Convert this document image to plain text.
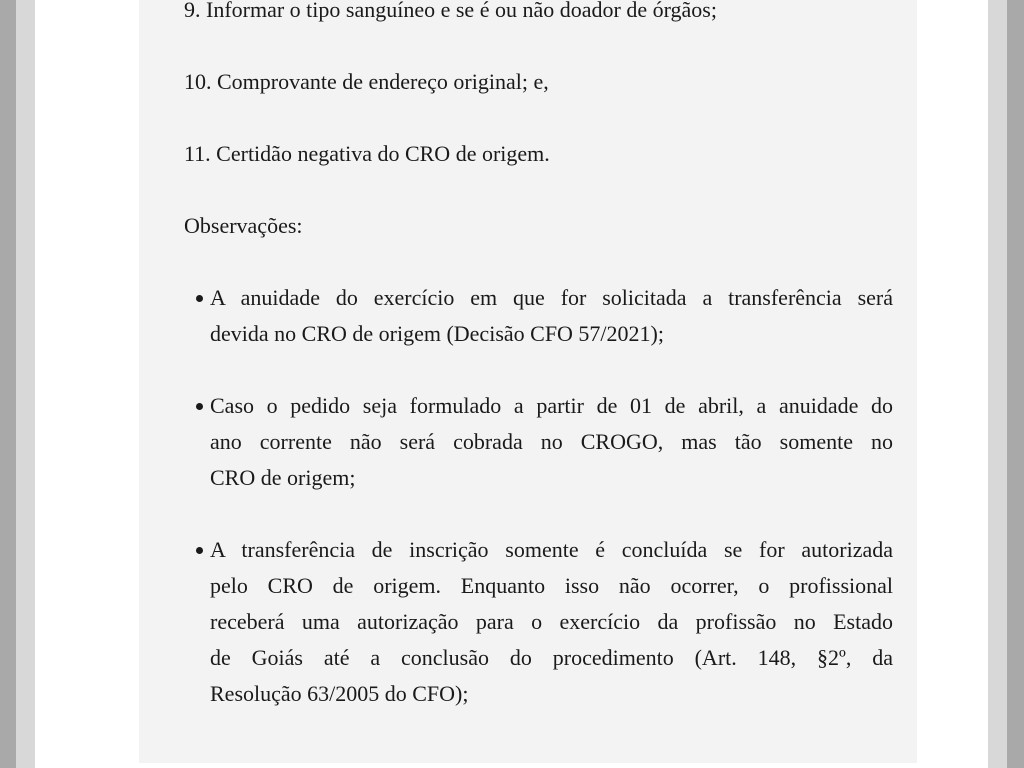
9. Informar o tipo sanguíneo e se é ou não doador de órgãos;
10. Comprovante de endereço original; e,
11. Certidão negativa do CRO de origem.
Observações:
A anuidade do exercício em que for solicitada a transferência será
devida no CRO de origem (Decisão CFO 57/2021);
Caso o pedido seja formulado a partir de 01 de abril, a anuidade do
ano corrente não será cobrada no CROGO, mas tão somente no
CRO de origem;
A transferência de inscrição somente é concluída se for autorizada
pelo CRO de origem. Enquanto isso não ocorrer, o profissional
receberá uma autorização para o exercício da profissão no Estado
de Goiás até a conclusão do procedimento (Art. 148, §2º, da
Resolução 63/2005 do CFO);
